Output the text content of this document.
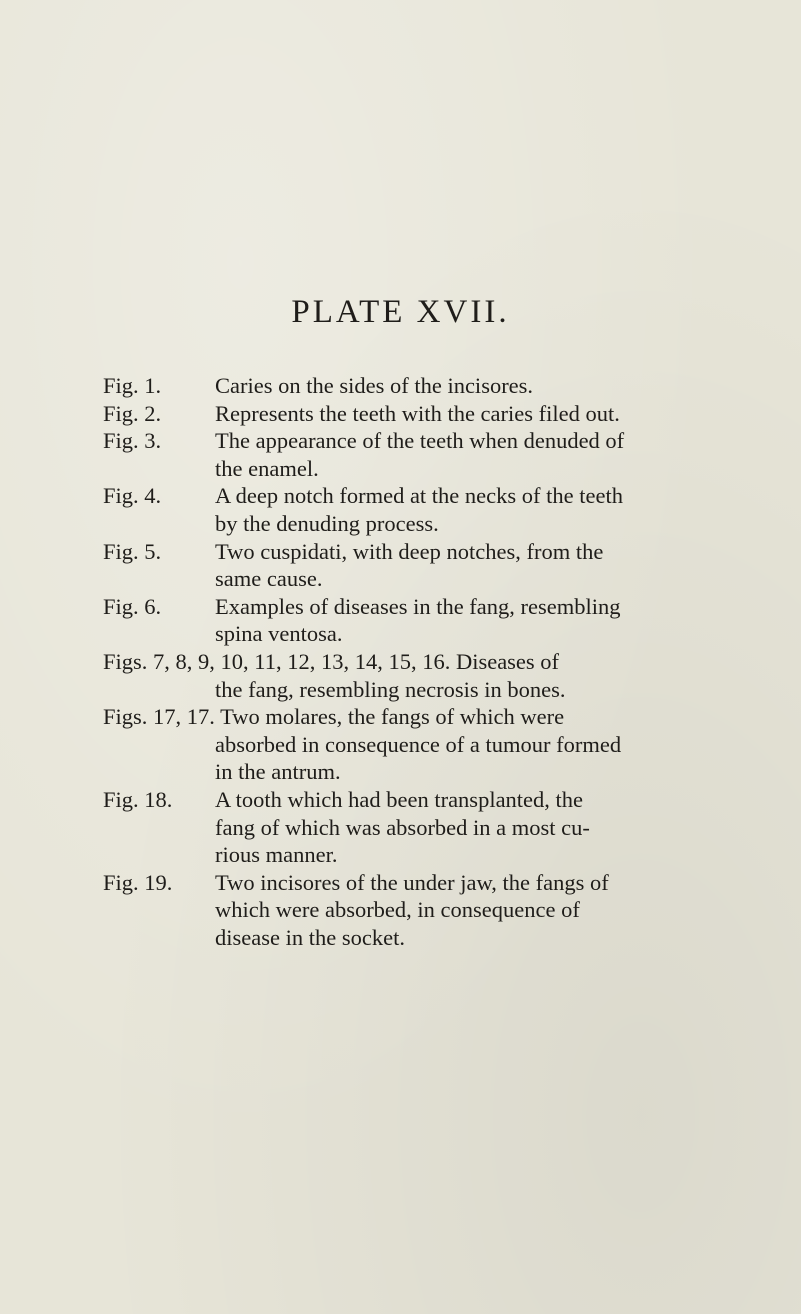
PLATE XVII.
Fig. 1.	Caries on the sides of the incisores.
Fig. 2.	Represents the teeth with the caries filed out.
Fig. 3.	The appearance of the teeth when denuded of
the enamel.
Fig. 4.	A deep notch formed at the necks of the teeth
by the denuding process.
Fig. 5.	Two cuspidati, with deep notches, from the
same cause.
Fig. 6.	Examples of diseases in the fang, resembling
spina ventosa.
Figs. 7, 8, 9, 10, 11, 12, 13, 14, 15, 16. Diseases of
the fang, resembling necrosis in bones.
Figs. 17, 17. Two molares, the fangs of which were
absorbed in consequence of a tumour formed
in the antrum.
Fig. 18.	A tooth which had been transplanted, the
fang of which was absorbed in a most cu-
rious manner.
Fig. 19.	Two incisores of the under jaw, the fangs of
which were absorbed, in consequence of
disease in the socket.
